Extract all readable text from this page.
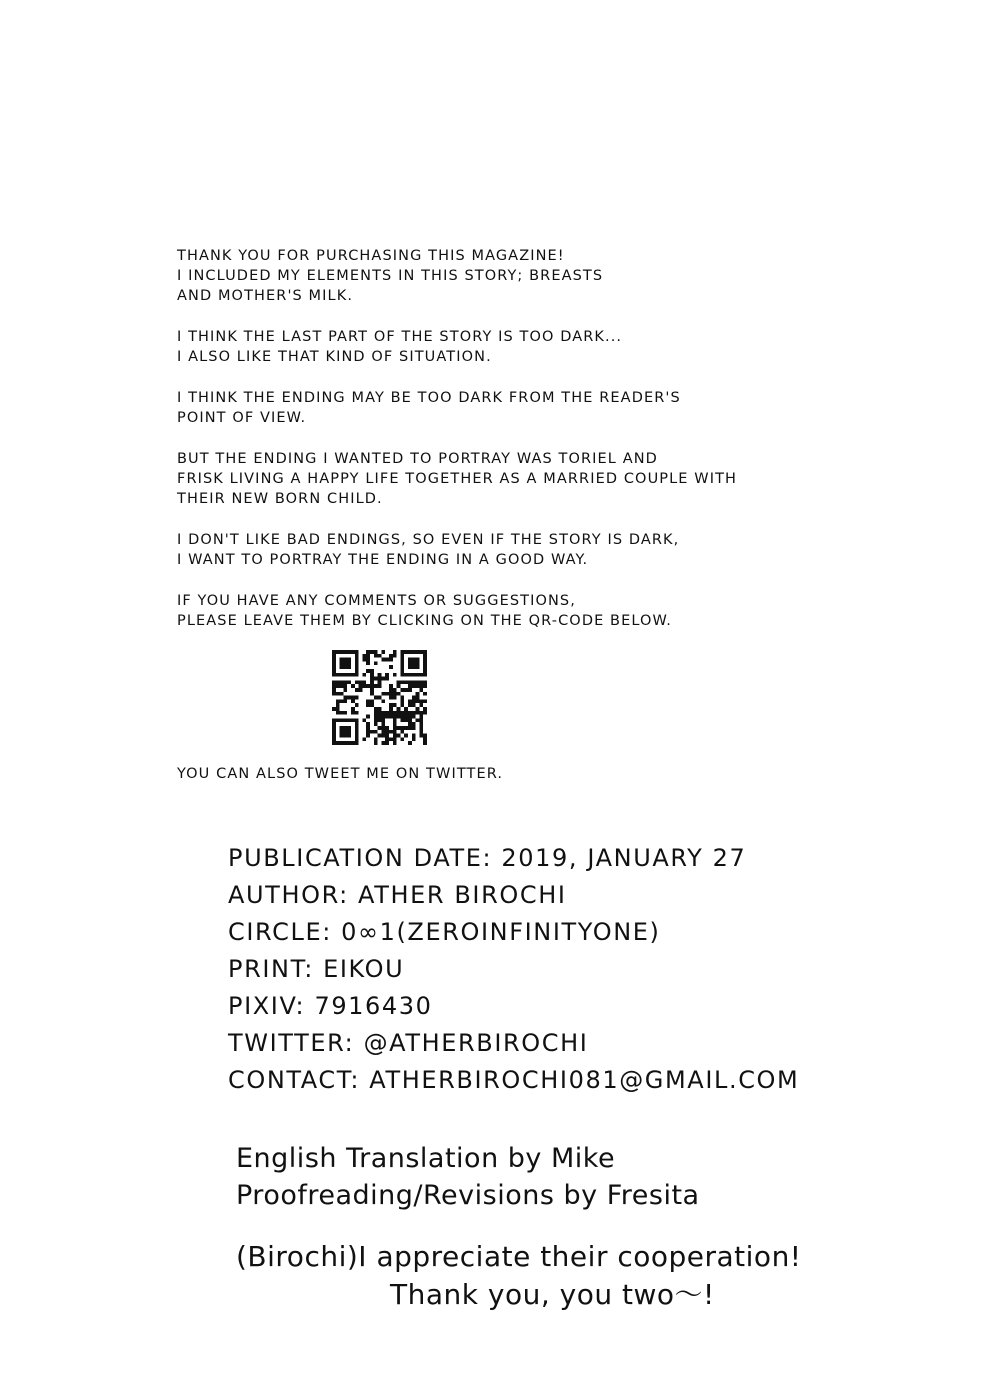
THANK YOU FOR PURCHASING THIS MAGAZINE!
I INCLUDED MY ELEMENTS IN THIS STORY; BREASTS
AND MOTHER'S MILK.

I THINK THE LAST PART OF THE STORY IS TOO DARK...
I ALSO LIKE THAT KIND OF SITUATION.

I THINK THE ENDING MAY BE TOO DARK FROM THE READER'S
POINT OF VIEW.

BUT THE ENDING I WANTED TO PORTRAY WAS TORIEL AND
FRISK LIVING A HAPPY LIFE TOGETHER AS A MARRIED COUPLE WITH
THEIR NEW BORN CHILD.

I DON'T LIKE BAD ENDINGS, SO EVEN IF THE STORY IS DARK,
I WANT TO PORTRAY THE ENDING IN A GOOD WAY.

IF YOU HAVE ANY COMMENTS OR SUGGESTIONS,
PLEASE LEAVE THEM BY CLICKING ON THE QR-CODE BELOW.

YOU CAN ALSO TWEET ME ON TWITTER.
PUBLICATION DATE: 2019, JANUARY 27
AUTHOR: ATHER BIROCHI
CIRCLE: 0∞1(ZEROINFINITYONE)
PRINT: EIKOU
PIXIV: 7916430
TWITTER: @ATHERBIROCHI
CONTACT: ATHERBIROCHI081@GMAIL.COM
English Translation by Mike
Proofreading/Revisions by Fresita
(Birochi)I appreciate their cooperation!
Thank you, you two～!
